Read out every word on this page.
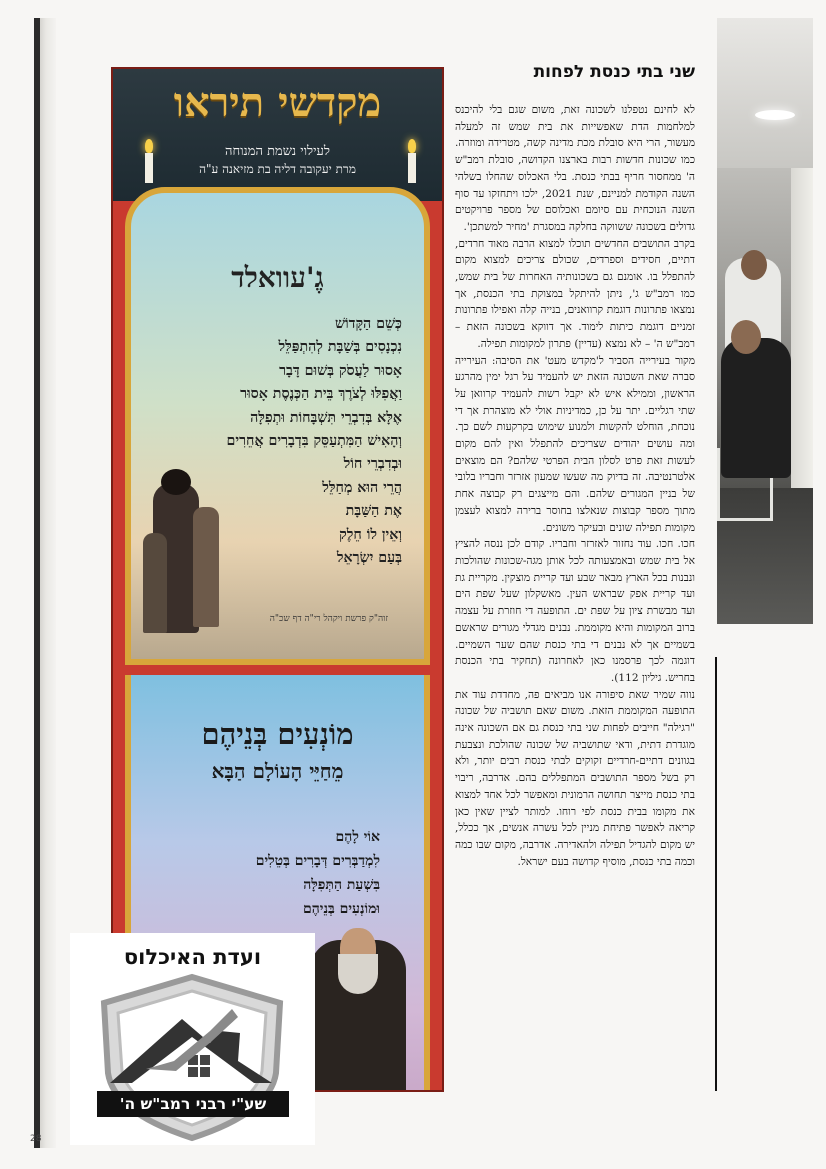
שני בתי כנסת לפחות

לא לחינם נטפלנו לשכונה זאת, משום שגם בלי להיכנס למלחמות הדת שאפשייות את בית שמש זה למעלה מעשור, הרי היא סובלת מכת מדינה קשה, מטרידה ומוזרה. כמו שכונות חדשות רבות בארצנו הקדושה, סובלת רמב"ש ה' ממחסור חריף בבתי כנסת. בלי האכלוס שהחלו בשלהי השנה הקודמת למניינם, שנת 2021, ילכו ויתחזקו עד סוף השנה הנוכחית עם סיומם ואכלוסם של מספר פרויקטים גדולים בשכונה ששווקה בחלקה במסגרת 'מחיר למשתכן'.

בקרב התושבים החדשים תוכלו למצוא הרבה מאוד חרדים, דתיים, חסידים וספרדים, שכולם צריכים למצוא מקום להתפלל בו. אומנם גם בשכונותיה האחרות של בית שמש, כמו רמב"ש ג', ניתן להיתקל במצוקת בתי הכנסת, אך נמצאו פתרונות דוגמת קרוואנים, בנייה קלה ואפילו פתרונות זמניים דוגמת כיתות לימוד. אך דווקא בשכונה הזאת – רמב"ש ה' – לא נמצא (עדיין) פתרון למקומות תפילה.

מקור בעירייה הסביר ל'מקדש מעט' את הסיבה: העירייה סברה שאת השכונה הזאת יש להעמיד על רגל ימין מהרגע הראשון, וממילא איש לא יקבל רשות להעמיד קרוואן על שתי רגליים. יתר על כן, כמדיניות אולי לא מוצהרת אך די נוכחת, הוחלט להקשות ולמנוע שימוש בקרקעות לשם כך. ומה עושים יהודים שצריכים להתפלל ואין להם מקום לעשות זאת פרט לסלון הבית הפרטי שלהם? הם מוצאים אלטרנטיבה. זה בדיוק מה שעשו שמעון אזרזר וחבריו בלובי של בניין המגורים שלהם. והם מייצגים רק קבוצה אחת מתוך מספר קבוצות שנאלצו בחוסר ברירה למצוא לעצמן מקומות תפילה שונים ובעיקר משונים.

חכו. חכו. עוד נחזור לאזרזר וחבריו. קודם לכן ננסה להציץ אל בית שמש ובאמצעותה לכל אותן מגה-שכונות שהולכות ונבנות בכל הארץ מבאר שבע ועד קריית מוצקין. מקריית גת ועד קריית אפק שבראש העין. מאשקלון שעל שפת הים ועד מבשרת ציון על שפת ים. התופעה די חוזרת על עצמה ברוב המקומות והיא מקוממת. נבנים מגדלי מגורים שראשם בשמיים אך לא נבנים די בתי כנסת שהם שער השמיים. דוגמה לכך פרסמנו כאן לאחרונה (תחקיר בתי הכנסת בחריש. גיליון 112).

נווה שמיר שאת סיפורה אנו מביאים פה, מחדדת עוד את התופעה המקוממת הזאת. משום שאם תושביה של שכונה "רגילה" חייבים לפחות שני בתי כנסת גם אם השכונה אינה מוגדרת דתית, ודאי שתושביה של שכונה שהולכת ונצבעת בגוונים דתיים-חרדיים זקוקים לבתי כנסת רבים יותר, ולא רק בשל מספר התושבים המתפללים בהם. אדרבה, ריבוי בתי כנסת מייצר תחושה הרמונית ומאפשר לכל אחד למצוא את מקומו בבית כנסת לפי רוחו. למותר לציין שאין כאן קריאה לאפשר פתיחת מניין לכל עשרה אנשים, אך ככלל, יש מקום להגדיל תפילה ולהאדירה. אדרבה, מקום שבו כמה וכמה בתי כנסת, מוסיף קדושה בעם ישראל.

מקדשי תיראו
לעילוי נשמת המנוחה
מרת יעקובה דליה בת מזיאנה ע"ה
גֶ'עוואלד
כְּשֵׁם הַקָּדוֹשׁ
נִכְנָסִים בְּשַׁבָּת לְהִתְפַּלֵּל
אָסוּר לַעֲסֹק בְּשׁוּם דָּבָר
וַאֲפִלּוּ לְצֹרֶךְ בֵּית הַכְּנֶסֶת אָסוּר
אֶלָּא בְּדִבְרֵי תִּשְׁבָּחוֹת וּתְפִלָּה
וְהָאִישׁ הַמִּתְעַסֵּק בִּדְבָרִים אֲחֵרִים
וּבְדִבְרֵי חוֹל
הֲרֵי הוּא מְחַלֵּל
אֶת הַשַּׁבָּת
וְאֵין לוֹ חֵלֶק
בְּעַם יִשְׂרָאֵל
זוה"ק פרשת ויקהל רי"ה דף שכ"ה
מוֹנְעִים בְּנֵיהֶם
מֵחַיֵּי הָעוֹלָם הַבָּא
אוֹי לָהֶם
לִמְדַבְּרִים דְּבָרִים בְּטֵלִים
בִּשְׁעַת הַתְּפִלָּה
וּמוֹנְעִים בְּנֵיהֶם
ועדת האיכלוס
שע"י רבני רמב"ש ה'
28
